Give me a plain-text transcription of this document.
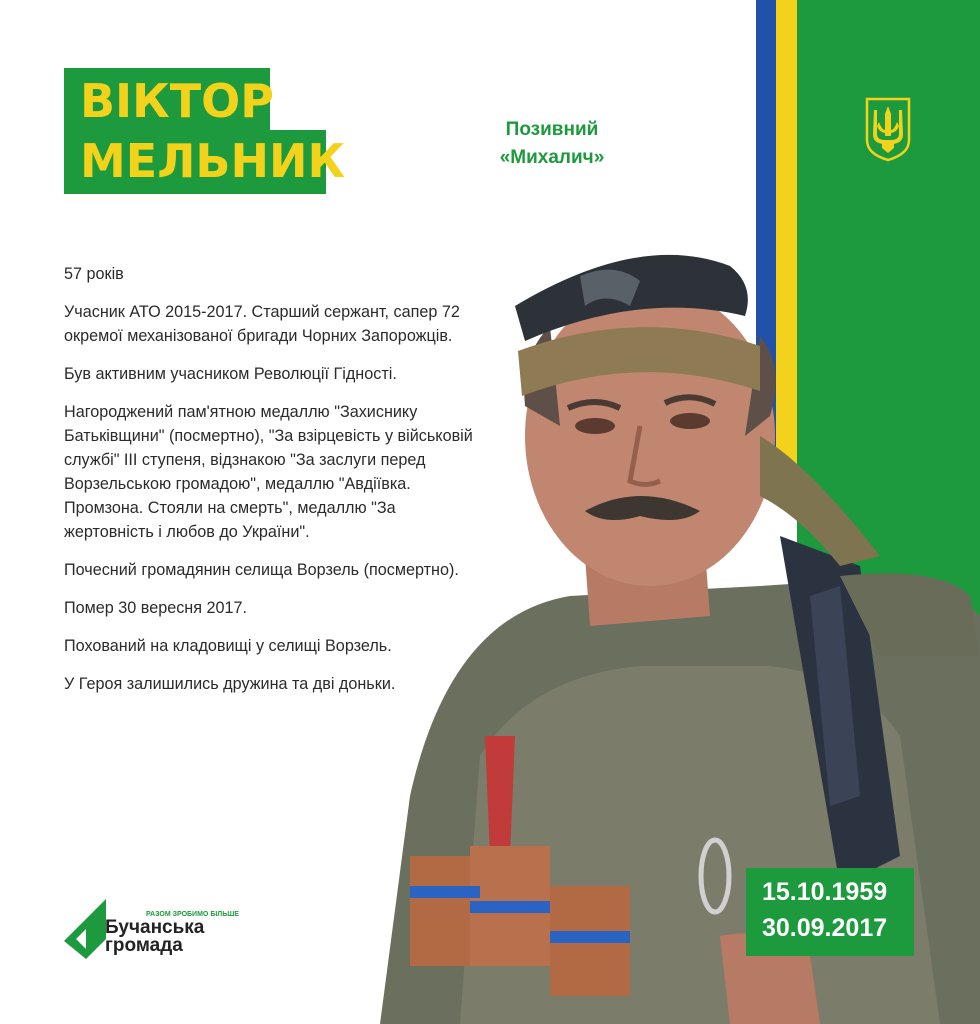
ВІКТОР
МЕЛЬНИК
Позивний
«Михалич»

57 років

Учасник АТО 2015-2017. Старший сержант, сапер 72 окремої механізованої бригади Чорних Запорожців.

Був активним учасником Революції Гідності.

Нагороджений пам'ятною медаллю "Захиснику Батьківщини" (посмертно), "За взірцевість у військовій службі" ІІІ ступеня, відзнакою "За заслуги перед Ворзельською громадою", медаллю "Авдіївка. Промзона. Стояли на смерть", медаллю "За жертовність і любов до України".

Почесний громадянин селища Ворзель (посмертно).

Помер 30 вересня 2017.

Похований на кладовищі у селищі Ворзель.

У Героя залишились дружина та дві доньки.

15.10.1959
30.09.2017
РАЗОМ ЗРОБИМО БІЛЬШЕ
Бучанська
громада
